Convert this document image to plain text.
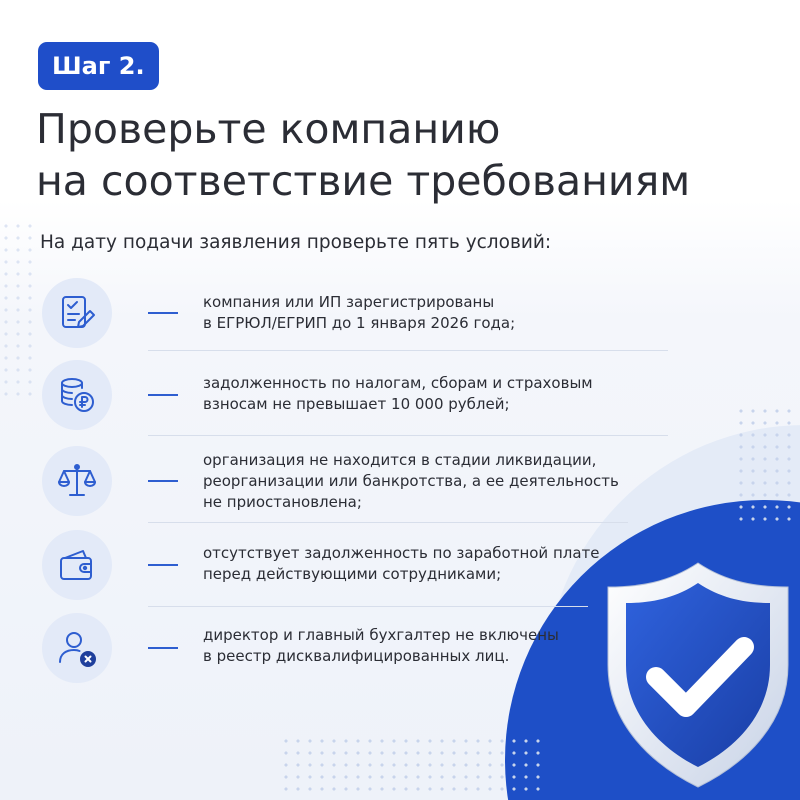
Шаг 2.
Проверьте компанию
на соответствие требованиям
На дату подачи заявления проверьте пять условий:
компания или ИП зарегистрированы
в ЕГРЮЛ/ЕГРИП до 1 января 2026 года;
задолженность по налогам, сборам и страховым
взносам не превышает 10 000 рублей;
организация не находится в стадии ликвидации,
реорганизации или банкротства, а ее деятельность
не приостановлена;
отсутствует задолженность по заработной плате
перед действующими сотрудниками;
директор и главный бухгалтер не включены
в реестр дисквалифицированных лиц.
